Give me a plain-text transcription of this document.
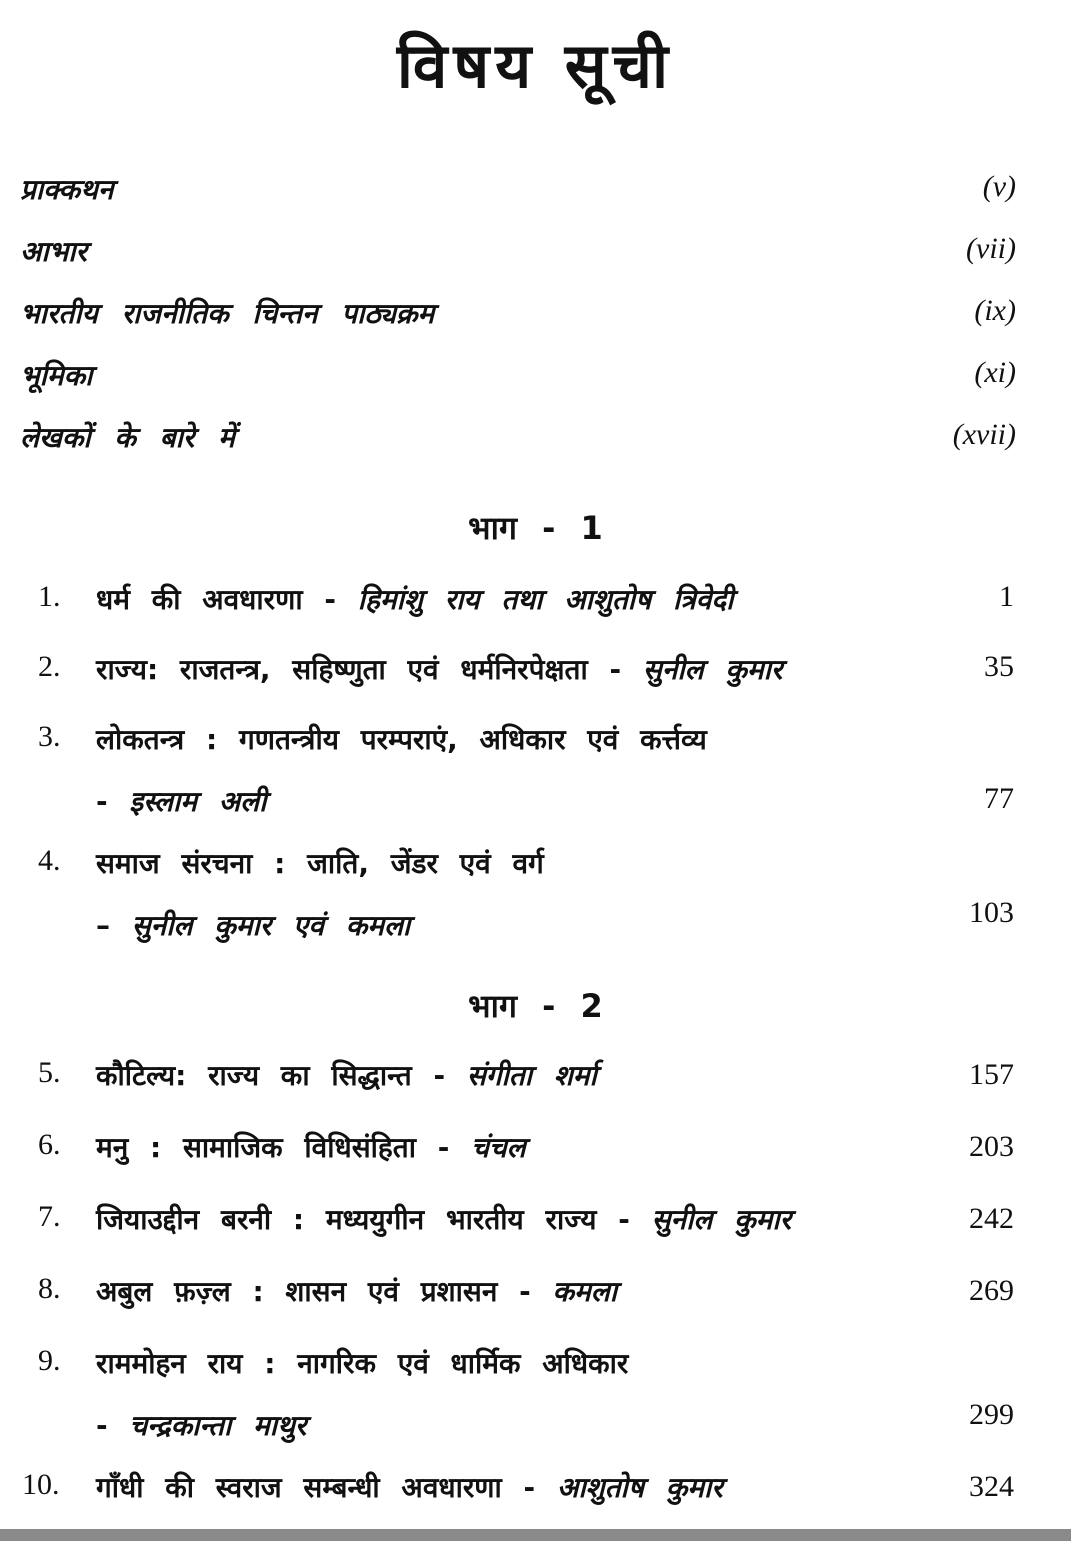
विषय सूची
प्राक्कथन	(v)
आभार	(vii)
भारतीय राजनीतिक चिन्तन पाठ्यक्रम	(ix)
भूमिका	(xi)
लेखकों के बारे में	(xvii)
भाग - 1
1. धर्म की अवधारणा - हिमांशु राय तथा आशुतोष त्रिवेदी	1
2. राज्य: राजतन्त्र, सहिष्णुता एवं धर्मनिरपेक्षता - सुनील कुमार	35
3. लोकतन्त्र : गणतन्त्रीय परम्पराएं, अधिकार एवं कर्त्तव्य
- इस्लाम अली	77
4. समाज संरचना : जाति, जेंडर एवं वर्ग
– सुनील कुमार एवं कमला	103
भाग - 2
5. कौटिल्य: राज्य का सिद्धान्त - संगीता शर्मा	157
6. मनु : सामाजिक विधिसंहिता - चंचल	203
7. जियाउद्दीन बरनी : मध्ययुगीन भारतीय राज्य - सुनील कुमार	242
8. अबुल फ़ज़्ल : शासन एवं प्रशासन - कमला	269
9. राममोहन राय : नागरिक एवं धार्मिक अधिकार
- चन्द्रकान्ता माथुर	299
10. गाँधी की स्वराज सम्बन्धी अवधारणा - आशुतोष कुमार	324
